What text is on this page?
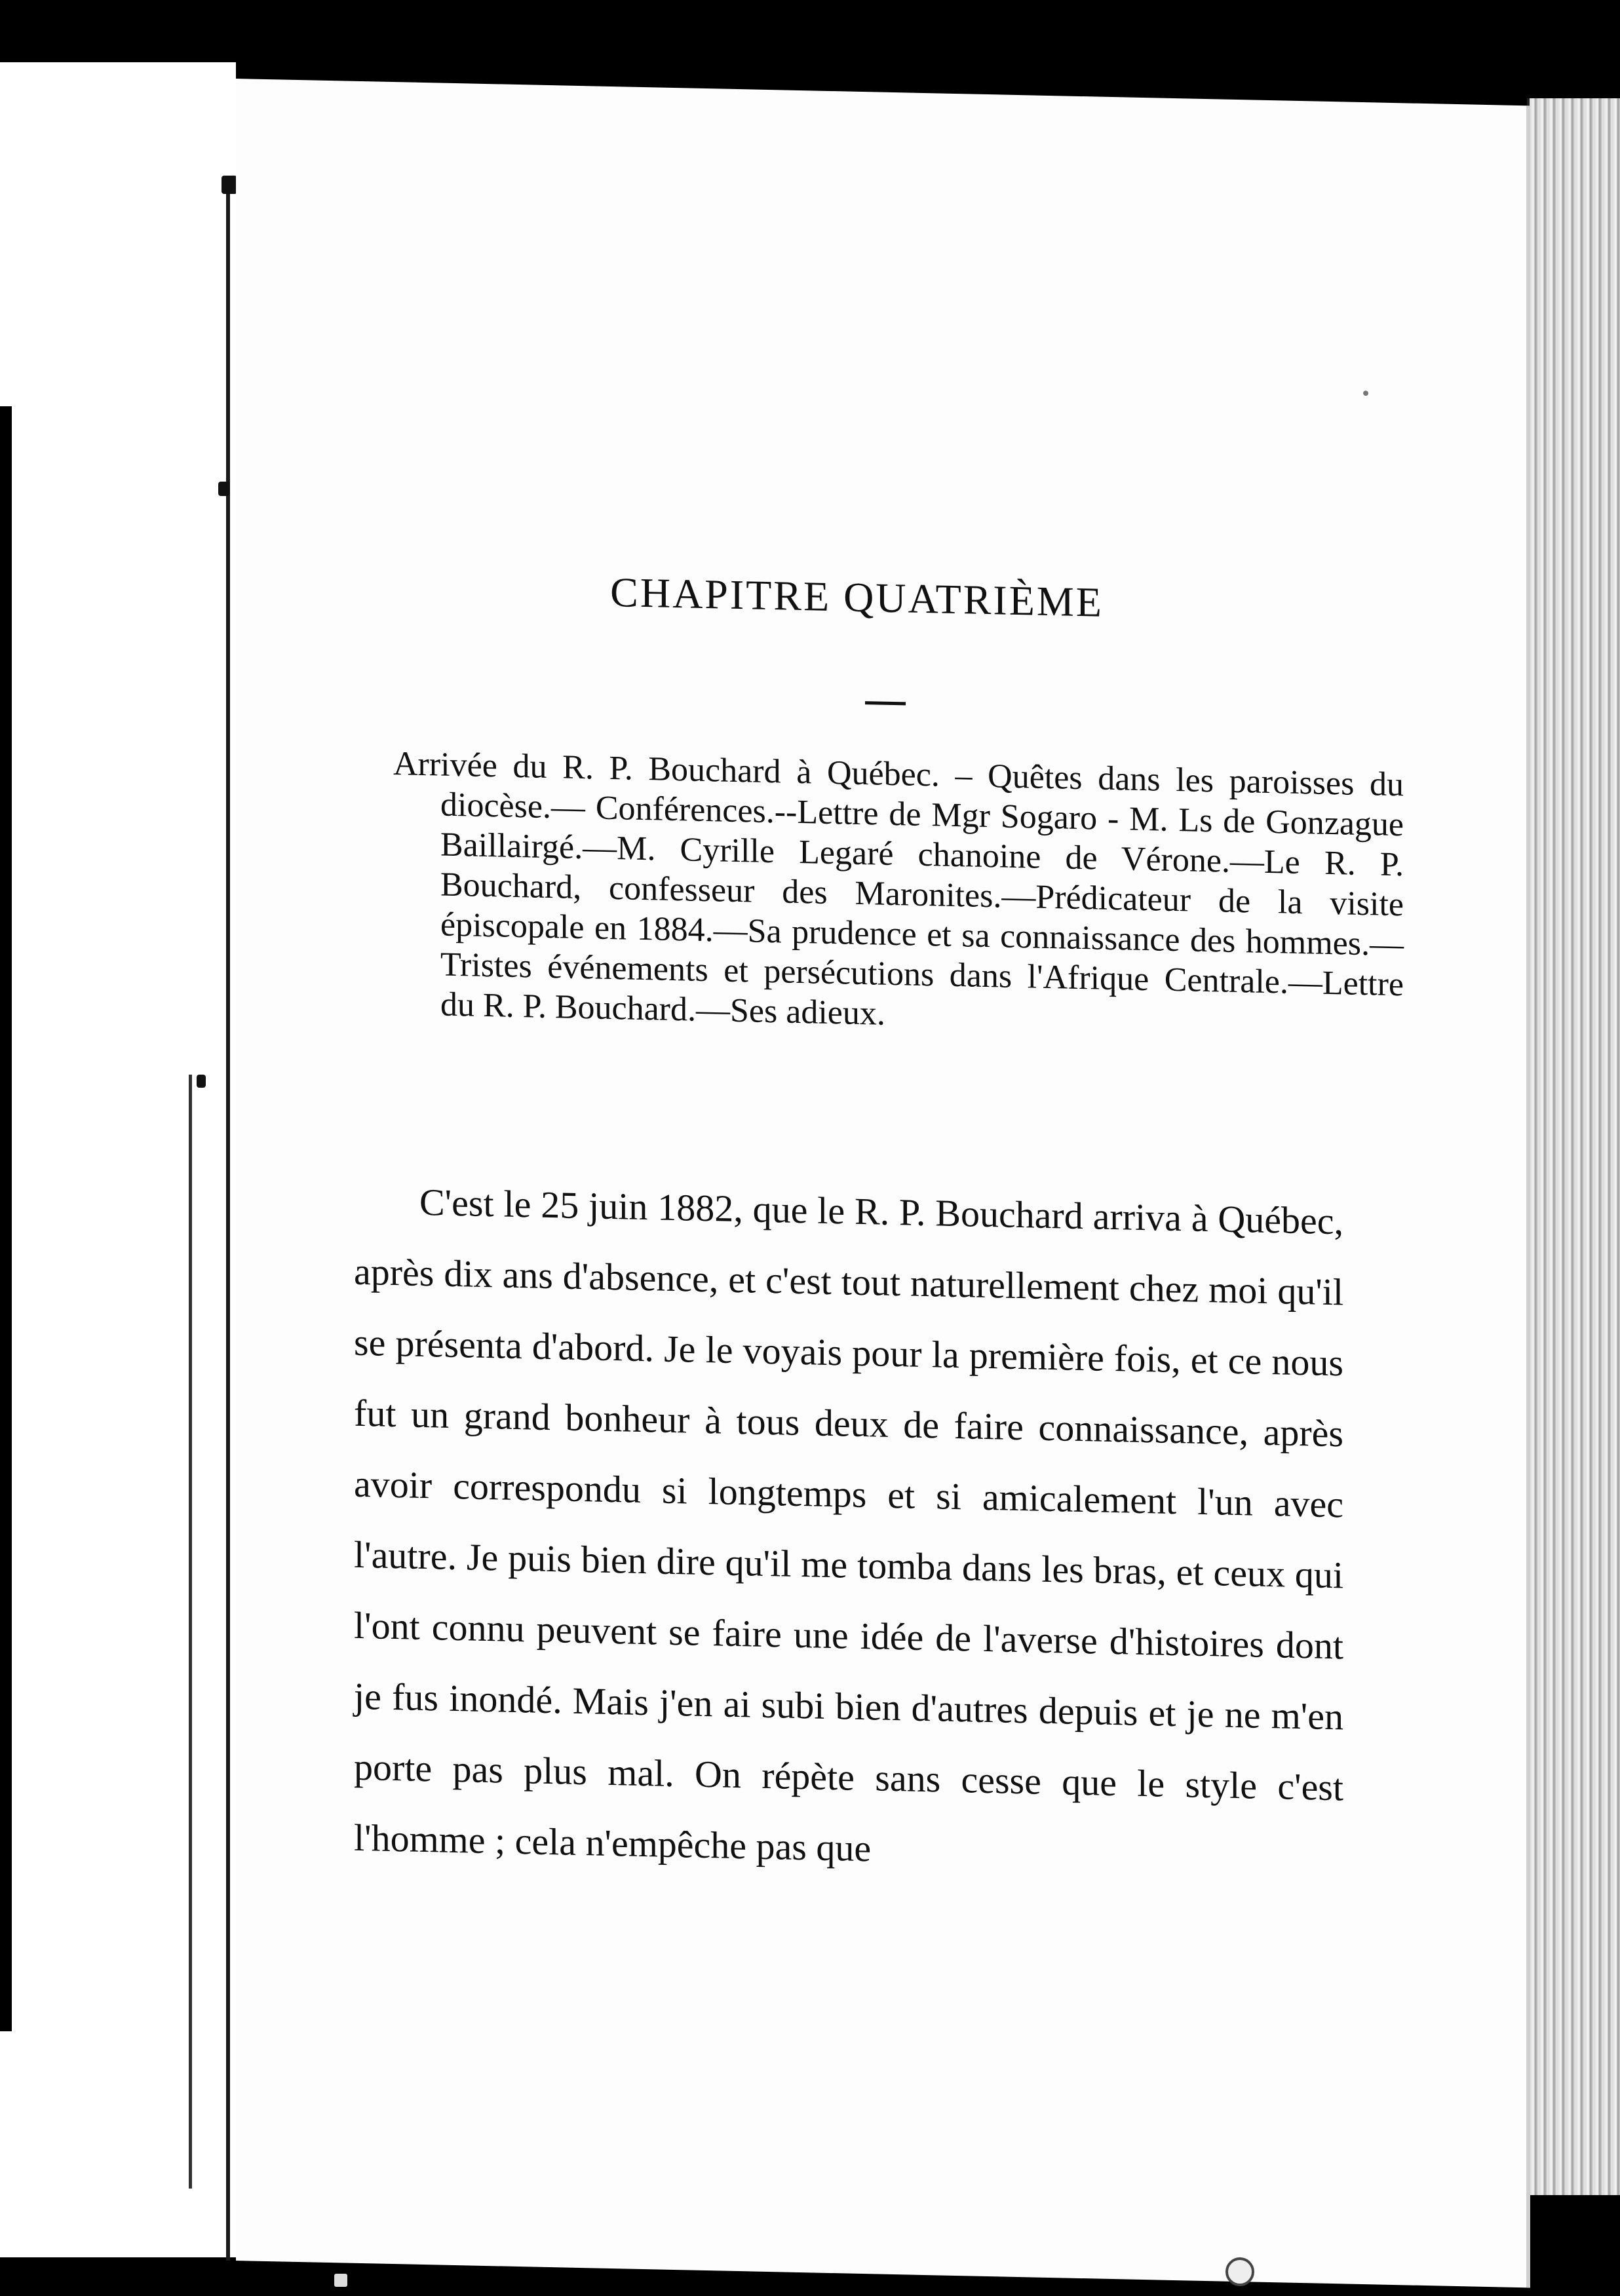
CHAPITRE QUATRIÈME
Arrivée du R. P. Bouchard à Québec. – Quêtes dans les paroisses du diocèse.— Conférences.--Lettre de Mgr Sogaro - M. Ls de Gonzague Baillairgé.—M. Cyrille Legaré chanoine de Vérone.—Le R. P. Bouchard, confesseur des Maronites.—Prédicateur de la visite épiscopale en 1884.—Sa prudence et sa connaissance des hommes.—Tristes événements et persécutions dans l'Afrique Centrale.—Lettre du R. P. Bouchard.—Ses adieux.
C'est le 25 juin 1882, que le R. P. Bouchard arriva à Québec, après dix ans d'absence, et c'est tout naturellement chez moi qu'il se présenta d'abord. Je le voyais pour la première fois, et ce nous fut un grand bonheur à tous deux de faire connaissance, après avoir correspondu si longtemps et si amicalement l'un avec l'autre. Je puis bien dire qu'il me tomba dans les bras, et ceux qui l'ont connu peuvent se faire une idée de l'averse d'histoires dont je fus inondé. Mais j'en ai subi bien d'autres depuis et je ne m'en porte pas plus mal. On répète sans cesse que le style c'est l'homme ; cela n'empêche pas que
